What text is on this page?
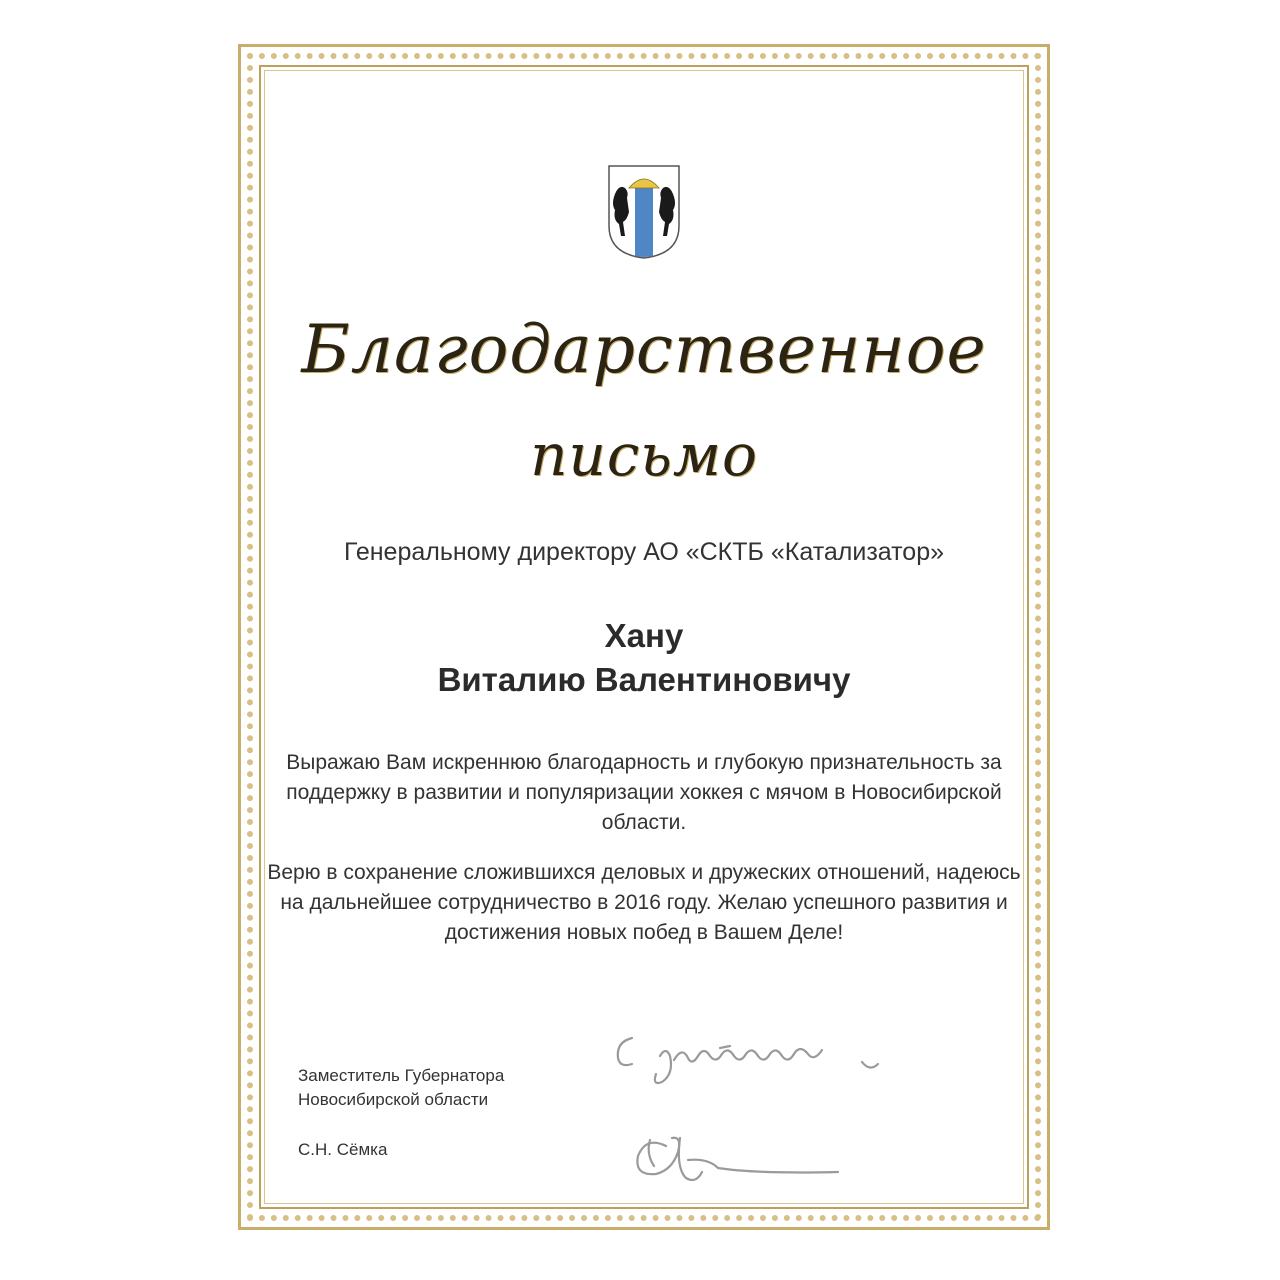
Благодарственное
письмо
Генеральному директору АО «СКТБ «Катализатор»
Хану
Виталию Валентиновичу
Выражаю Вам искреннюю благодарность и глубокую признательность за поддержку в развитии и популяризации хоккея с мячом в Новосибирской области.
Верю в сохранение сложившихся деловых и дружеских отношений, надеюсь на дальнейшее сотрудничество в 2016 году. Желаю успешного развития и достижения новых побед в Вашем Деле!
Заместитель Губернатора
Новосибирской области
С.Н. Сёмка
